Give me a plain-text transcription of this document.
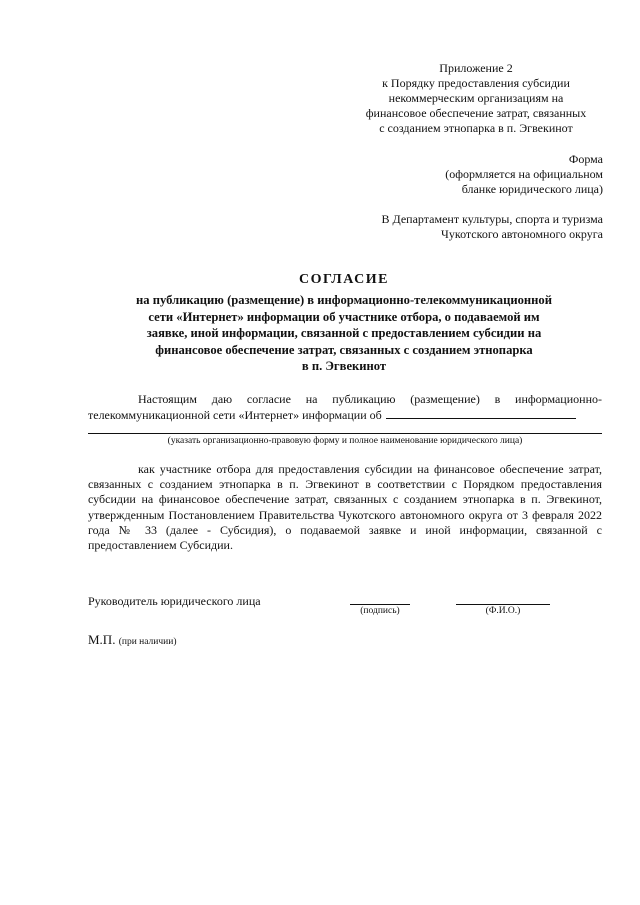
Приложение 2
к Порядку предоставления субсидии
некоммерческим организациям на
финансовое обеспечение затрат, связанных
с созданием этнопарка в п. Эгвекинот
Форма
(оформляется на официальном
бланке юридического лица)
В Департамент культуры, спорта и туризма
Чукотского автономного округа
СОГЛАСИЕ
на публикацию (размещение) в информационно-телекоммуникационной
сети «Интернет» информации об участнике отбора, о подаваемой им
заявке, иной информации, связанной с предоставлением субсидии на
финансовое обеспечение затрат, связанных с созданием этнопарка
в п. Эгвекинот
Настоящим даю согласие на публикацию (размещение) в информационно-
телекоммуникационной сети «Интернет» информации об
(указать организационно-правовую форму и полное наименование юридического лица)
как участнике отбора для предоставления субсидии на финансовое обеспечение затрат, связанных с созданием этнопарка в п. Эгвекинот в соответствии с Порядком предоставления субсидии на финансовое обеспечение затрат, связанных с созданием этнопарка в п. Эгвекинот, утвержденным Постановлением Правительства Чукотского автономного округа от 3 февраля 2022 года № 33 (далее - Субсидия), о подаваемой заявке и иной информации, связанной с предоставлением Субсидии.
Руководитель юридического лица
(подпись)	(Ф.И.О.)
М.П. (при наличии)
